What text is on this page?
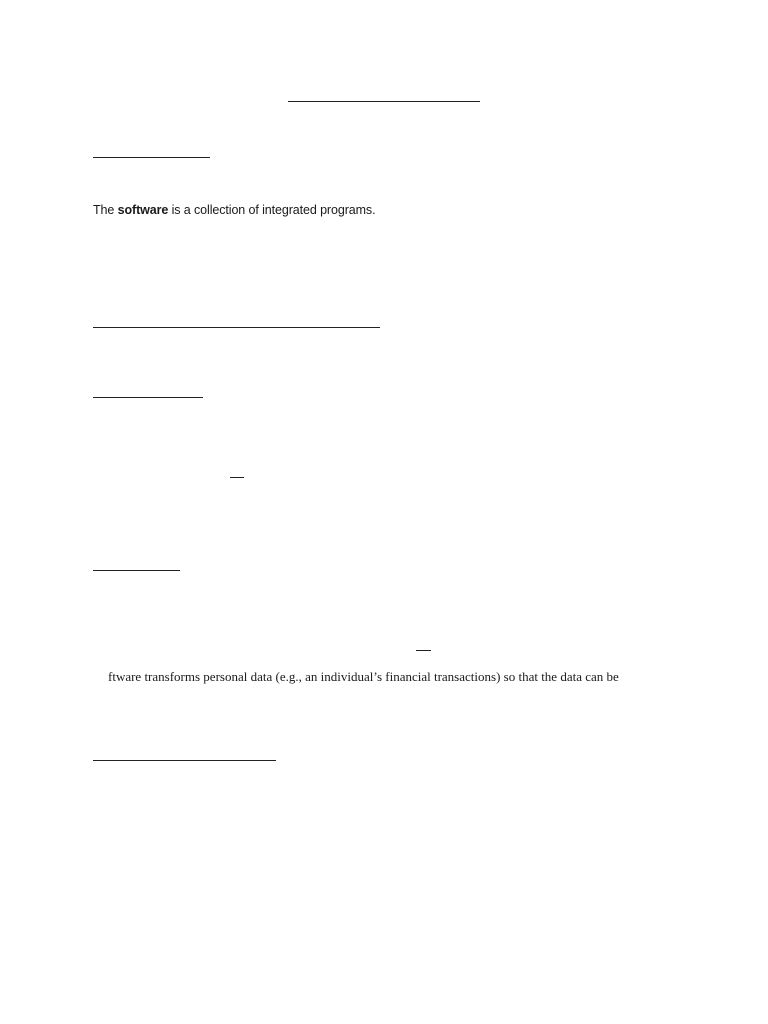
The software is a collection of integrated programs.
ftware transforms personal data (e.g., an individual’s financial transactions) so that the data can be
